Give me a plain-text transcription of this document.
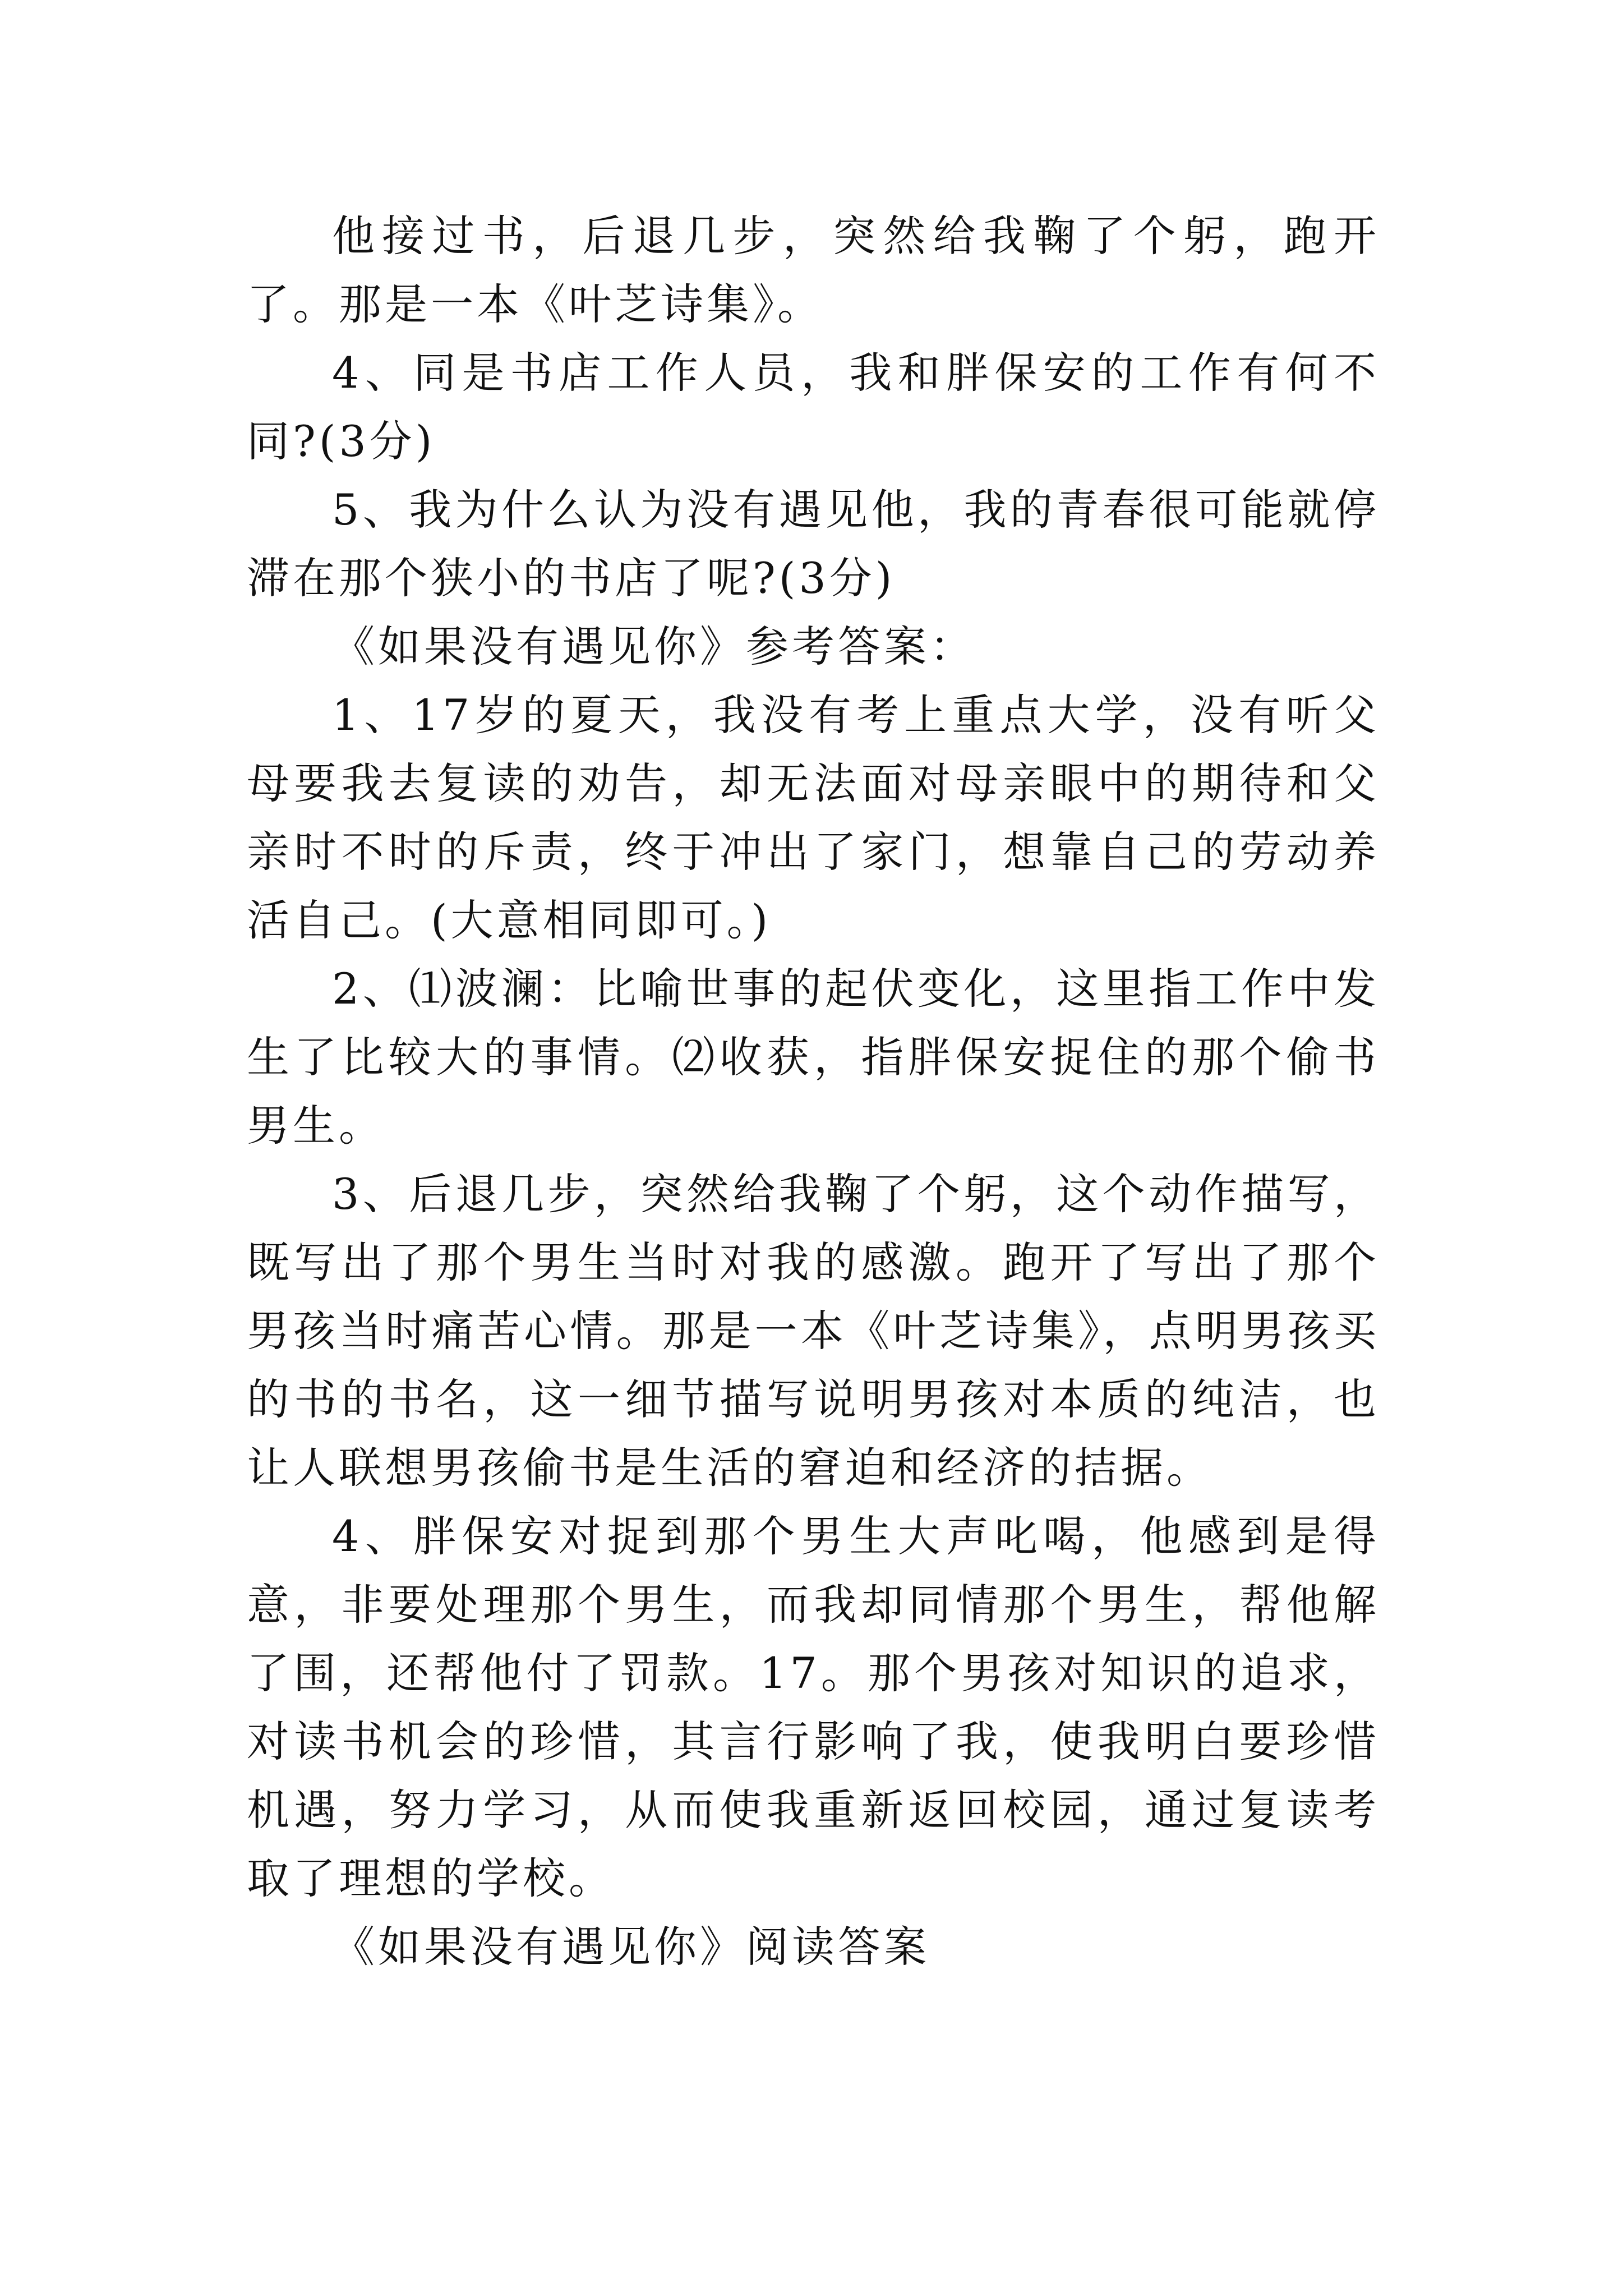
他接过书，后退几步，突然给我鞠了个躬，跑开了。那是一本《叶芝诗集》。

4、同是书店工作人员，我和胖保安的工作有何不同?(3分)

5、我为什么认为没有遇见他，我的青春很可能就停滞在那个狭小的书店了呢?(3分)

《如果没有遇见你》参考答案：

1、17岁的夏天，我没有考上重点大学，没有听父母要我去复读的劝告，却无法面对母亲眼中的期待和父亲时不时的斥责，终于冲出了家门，想靠自己的劳动养活自己。(大意相同即可。)

2、⑴波澜：比喻世事的起伏变化，这里指工作中发生了比较大的事情。⑵收获，指胖保安捉住的那个偷书男生。

3、后退几步，突然给我鞠了个躬，这个动作描写，既写出了那个男生当时对我的感激。跑开了写出了那个男孩当时痛苦心情。那是一本《叶芝诗集》，点明男孩买的书的书名，这一细节描写说明男孩对本质的纯洁，也让人联想男孩偷书是生活的窘迫和经济的拮据。

4、胖保安对捉到那个男生大声叱喝，他感到是得意，非要处理那个男生，而我却同情那个男生，帮他解了围，还帮他付了罚款。17。那个男孩对知识的追求，对读书机会的珍惜，其言行影响了我，使我明白要珍惜机遇，努力学习，从而使我重新返回校园，通过复读考取了理想的学校。

《如果没有遇见你》阅读答案
